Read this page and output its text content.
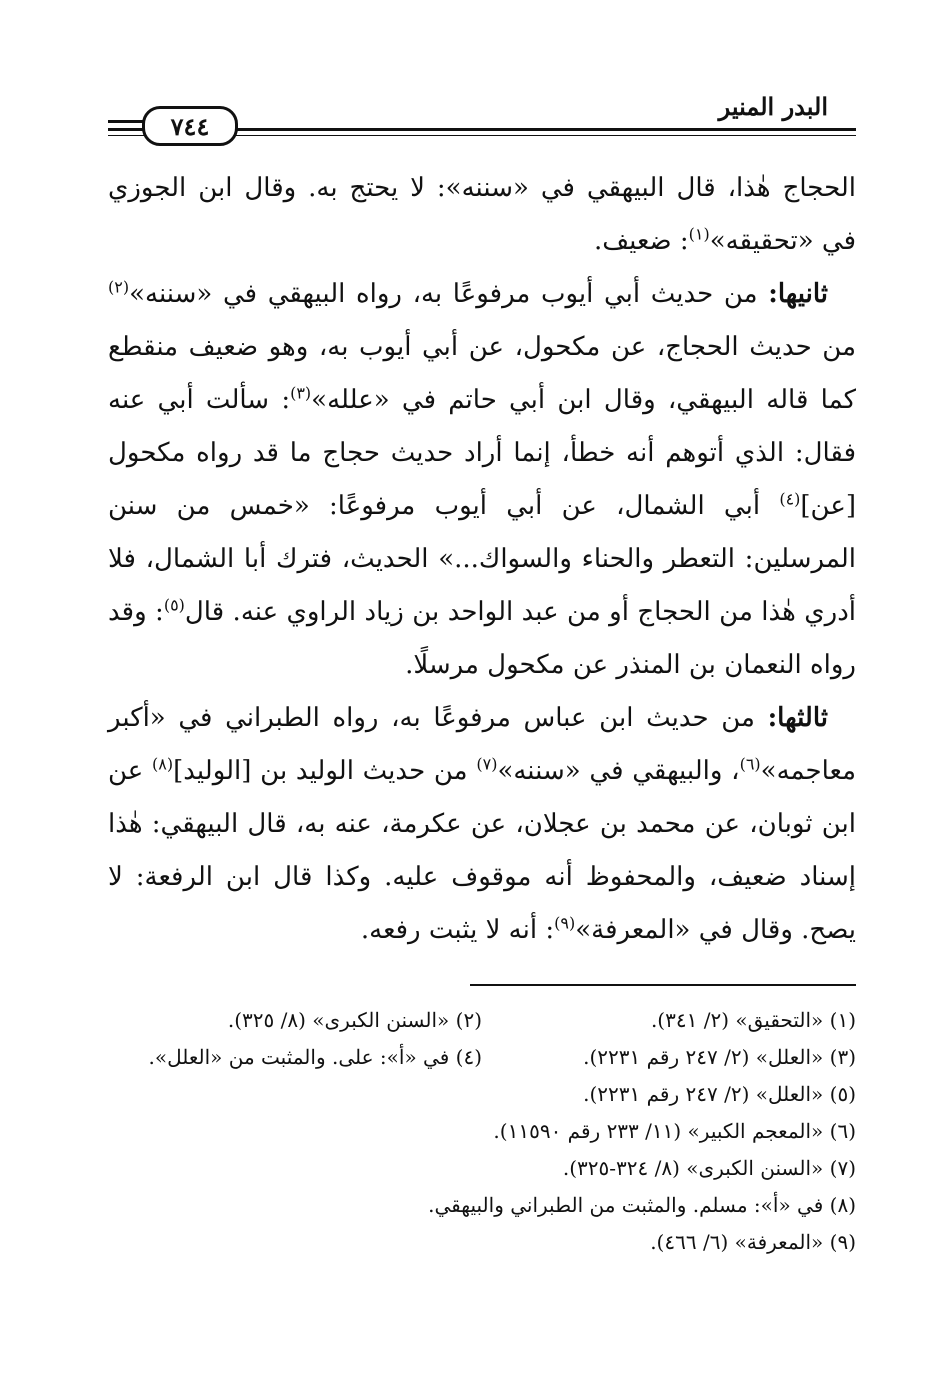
البدر المنير
٧٤٤

الحجاج هٰذا، قال البيهقي في «سننه»: لا يحتج به. وقال ابن الجوزي في «تحقيقه»$^{(١)}$: ضعيف.

ثانيها: من حديث أبي أيوب مرفوعًا به، رواه البيهقي في «سننه»$^{(٢)}$ من حديث الحجاج، عن مكحول، عن أبي أيوب به، وهو ضعيف منقطع كما قاله البيهقي، وقال ابن أبي حاتم في «علله»$^{(٣)}$: سألت أبي عنه فقال: الذي أتوهم أنه خطأ، إنما أراد حديث حجاج ما قد رواه مكحول [عن]$^{(٤)}$ أبي الشمال، عن أبي أيوب مرفوعًا: «خمس من سنن المرسلين: التعطر والحناء والسواك...» الحديث، فترك أبا الشمال، فلا أدري هٰذا من الحجاج أو من عبد الواحد بن زياد الراوي عنه. قال$^{(٥)}$: وقد رواه النعمان بن المنذر عن مكحول مرسلًا.

ثالثها: من حديث ابن عباس مرفوعًا به، رواه الطبراني في «أكبر معاجمه»$^{(٦)}$، والبيهقي في «سننه»$^{(٧)}$ من حديث الوليد بن [الوليد]$^{(٨)}$ عن ابن ثوبان، عن محمد بن عجلان، عن عكرمة، عنه به، قال البيهقي: هٰذا إسناد ضعيف، والمحفوظ أنه موقوف عليه. وكذا قال ابن الرفعة: لا يصح. وقال في «المعرفة»$^{(٩)}$: أنه لا يثبت رفعه.

(١) «التحقيق» (٢/ ٣٤١).
(٢) «السنن الكبرى» (٨/ ٣٢٥).
(٣) «العلل» (٢/ ٢٤٧ رقم ٢٢٣١).
(٤) في «أ»: على. والمثبت من «العلل».
(٥) «العلل» (٢/ ٢٤٧ رقم ٢٢٣١).
(٦) «المعجم الكبير» (١١/ ٢٣٣ رقم ١١٥٩٠).
(٧) «السنن الكبرى» (٨/ ٣٢٤-٣٢٥).
(٨) في «أ»: مسلم. والمثبت من الطبراني والبيهقي.
(٩) «المعرفة» (٦/ ٤٦٦).
